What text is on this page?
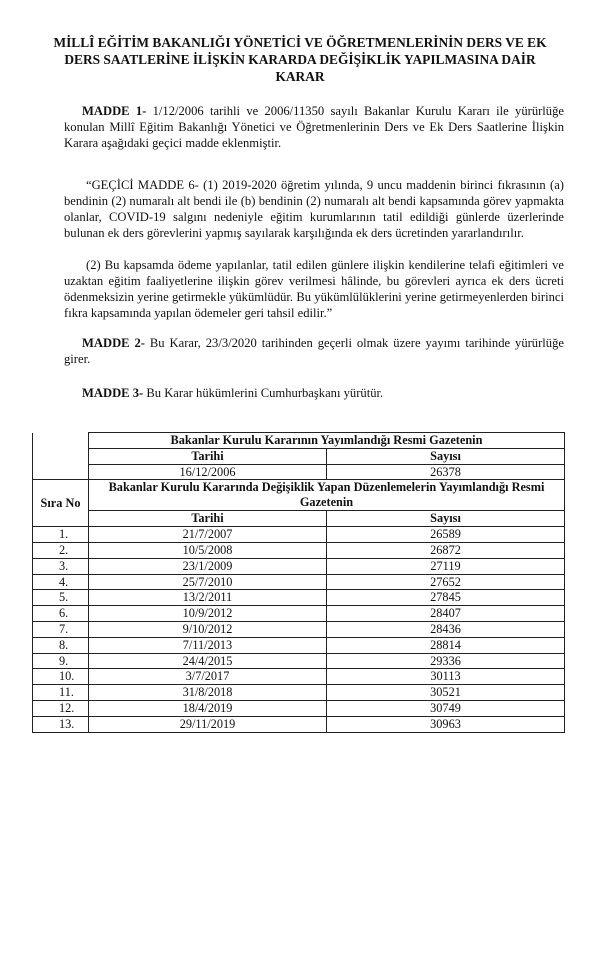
MİLLÎ EĞİTİM BAKANLIĞI YÖNETİCİ VE ÖĞRETMENLERİNİN DERS VE EK DERS SAATLERİNE İLİŞKİN KARARDA DEĞİŞİKLİK YAPILMASINA DAİR KARAR

MADDE 1- 1/12/2006 tarihli ve 2006/11350 sayılı Bakanlar Kurulu Kararı ile yürürlüğe konulan Millî Eğitim Bakanlığı Yönetici ve Öğretmenlerinin Ders ve Ek Ders Saatlerine İlişkin Karara aşağıdaki geçici madde eklenmiştir.

“GEÇİCİ MADDE 6- (1) 2019-2020 öğretim yılında, 9 uncu maddenin birinci fıkrasının (a) bendinin (2) numaralı alt bendi ile (b) bendinin (2) numaralı alt bendi kapsamında görev yapmakta olanlar, COVID-19 salgını nedeniyle eğitim kurumlarının tatil edildiği günlerde üzerlerinde bulunan ek ders görevlerini yapmış sayılarak karşılığında ek ders ücretinden yararlandırılır.

(2) Bu kapsamda ödeme yapılanlar, tatil edilen günlere ilişkin kendilerine telafi eğitimleri ve uzaktan eğitim faaliyetlerine ilişkin görev verilmesi hâlinde, bu görevleri ayrıca ek ders ücreti ödenmeksizin yerine getirmekle yükümlüdür. Bu yükümlülüklerini yerine getirmeyenlerden birinci fıkra kapsamında yapılan ödemeler geri tahsil edilir.”

MADDE 2- Bu Karar, 23/3/2020 tarihinden geçerli olmak üzere yayımı tarihinde yürürlüğe girer.

MADDE 3- Bu Karar hükümlerini Cumhurbaşkanı yürütür.

	Bakanlar Kurulu Kararının Yayımlandığı Resmi Gazetenin	
	Tarihi	Sayısı
	16/12/2006	26378
Sıra No	Bakanlar Kurulu Kararında Değişiklik Yapan Düzenlemelerin Yayımlandığı Resmi Gazetenin	
	Tarihi	Sayısı
1.	21/7/2007	26589
2.	10/5/2008	26872
3.	23/1/2009	27119
4.	25/7/2010	27652
5.	13/2/2011	27845
6.	10/9/2012	28407
7.	9/10/2012	28436
8.	7/11/2013	28814
9.	24/4/2015	29336
10.	3/7/2017	30113
11.	31/8/2018	30521
12.	18/4/2019	30749
13.	29/11/2019	30963
